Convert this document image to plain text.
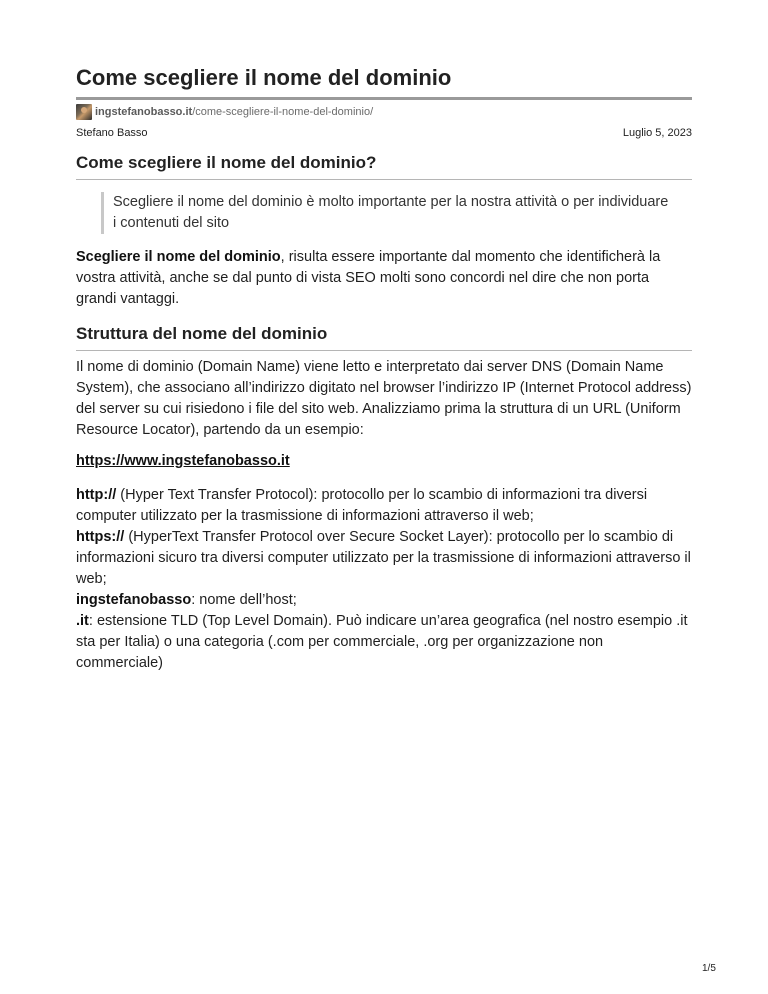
Come scegliere il nome del dominio
ingstefanobasso.it /come-scegliere-il-nome-del-dominio/
Stefano Basso	Luglio 5, 2023
Come scegliere il nome del dominio?
Scegliere il nome del dominio è molto importante per la nostra attività o per individuare i contenuti del sito

Scegliere il nome del dominio, risulta essere importante dal momento che identificherà la vostra attività, anche se dal punto di vista SEO molti sono concordi nel dire che non porta grandi vantaggi.

Struttura del nome del dominio

Il nome di dominio (Domain Name) viene letto e interpretato dai server DNS (Domain Name System), che associano all’indirizzo digitato nel browser l’indirizzo IP (Internet Protocol address) del server su cui risiedono i file del sito web. Analizziamo prima la struttura di un URL (Uniform Resource Locator), partendo da un esempio:

https://www.ingstefanobasso.it

http:// (Hyper Text Transfer Protocol): protocollo per lo scambio di informazioni tra diversi computer utilizzato per la trasmissione di informazioni attraverso il web;
https:// (HyperText Transfer Protocol over Secure Socket Layer): protocollo per lo scambio di informazioni sicuro tra diversi computer utilizzato per la trasmissione di informazioni attraverso il web;
ingstefanobasso: nome dell’host;
.it: estensione TLD (Top Level Domain). Può indicare un’area geografica (nel nostro esempio .it sta per Italia) o una categoria (.com per commerciale, .org per organizzazione non commerciale)

1/5
